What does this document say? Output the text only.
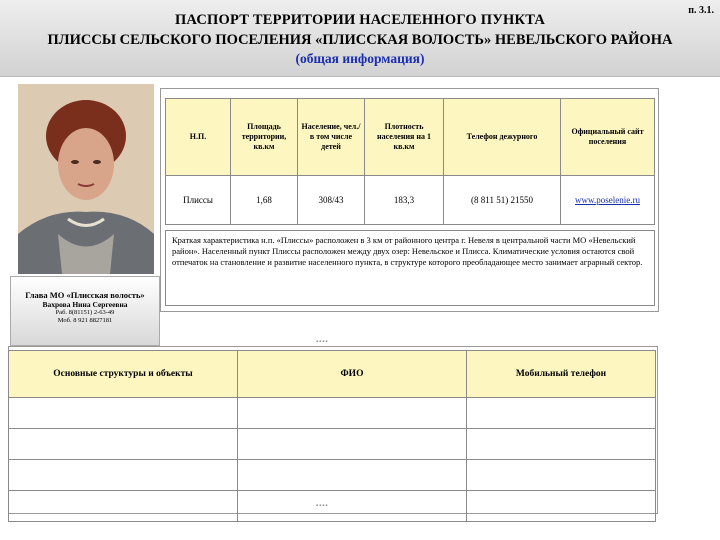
ПАСПОРТ ТЕРРИТОРИИ НАСЕЛЕННОГО ПУНКТА
ПЛИССЫ СЕЛЬСКОГО ПОСЕЛЕНИЯ «ПЛИССКАЯ ВОЛОСТЬ» НЕВЕЛЬСКОГО РАЙОНА
(общая информация)
п. 3.1.
Глава МО «Плисская волость»
Вахрова Нина Сергеевна
Раб. 8(81151) 2-63-49
Моб. 8 921 8827181
Н.П.	Площадь территории, кв.км	Население, чел./ в том числе детей	Плотность населения на 1 кв.км	Телефон дежурного	Официальный сайт поселения
Плиссы	1,68	308/43	183,3	(8 811 51) 21550	www.poselenie.ru
Краткая характеристика н.п. «Плиссы» расположен в 3 км от районного центра г. Невеля в центральной части МО «Невельский район». Населенный пункт Плиссы расположен между двух озер: Невельское и Плисса. Климатические условия остаются свой отпечаток на становление и развитие населенного пункта, в структуре которого преобладающее место занимает аграрный сектор.
▪▪▪▪
Основные структуры и объекты	ФИО	Мобильный телефон

▪▪▪▪
